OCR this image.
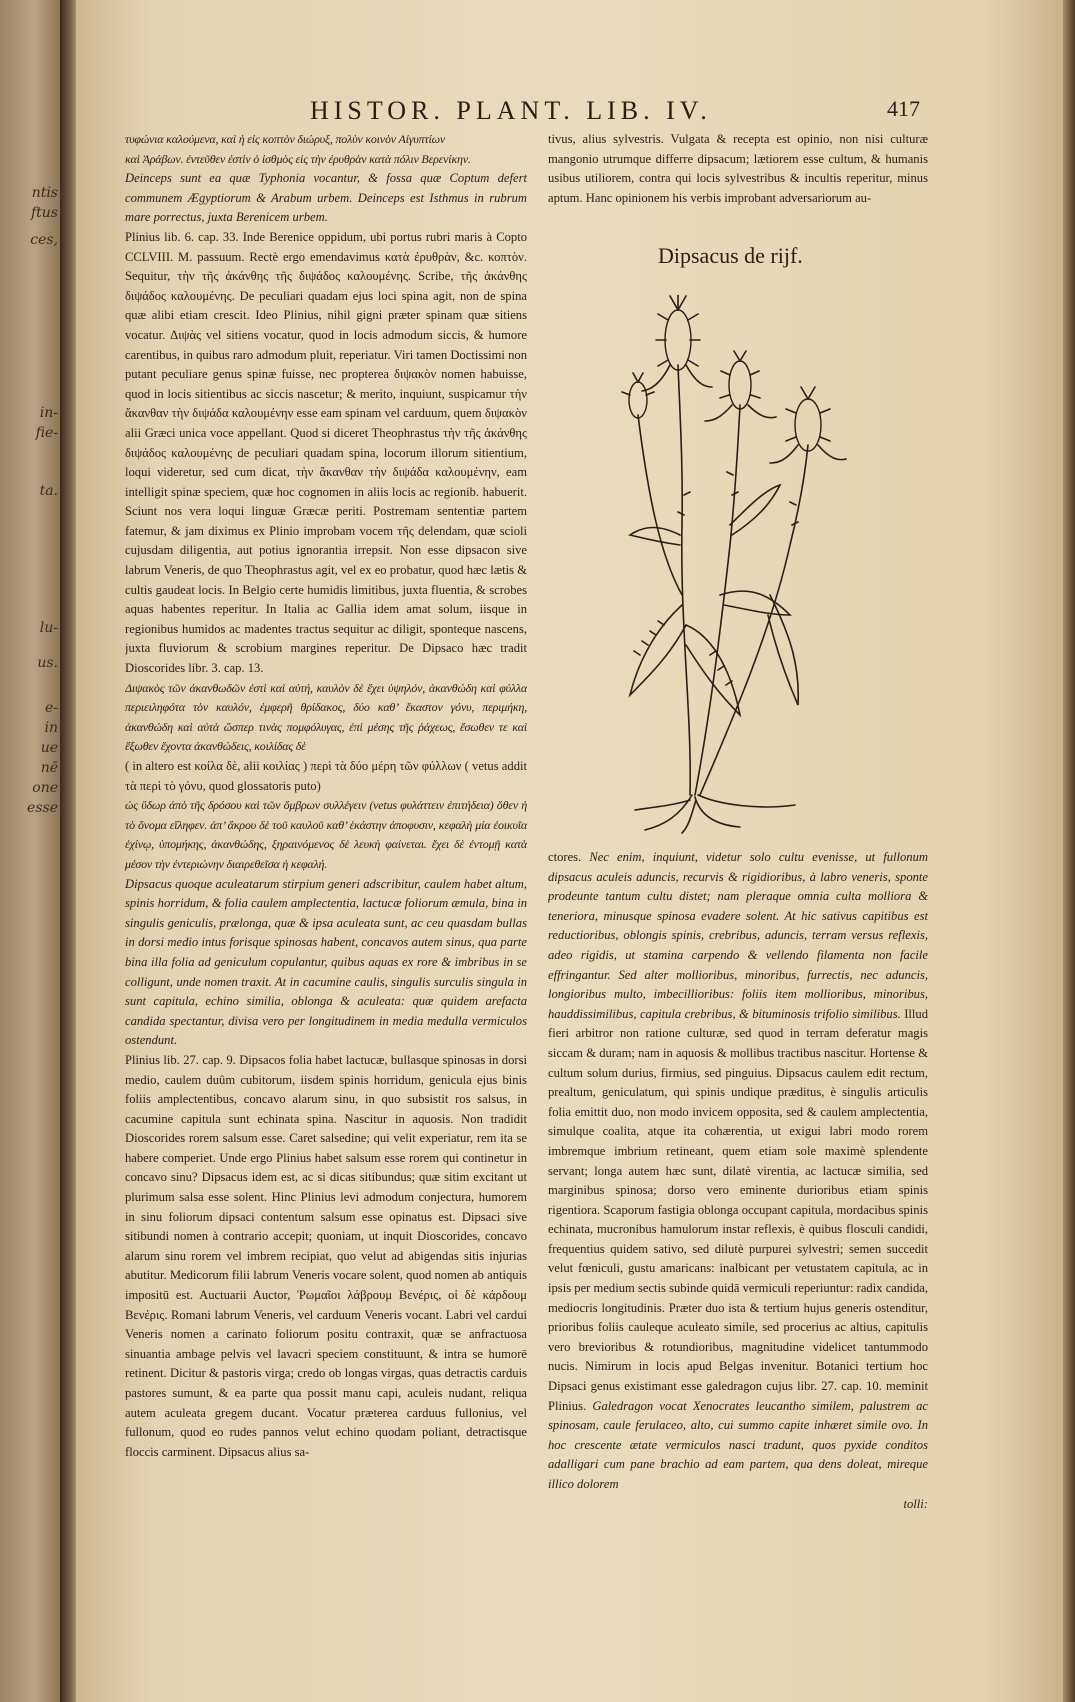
ntis
ftus
ces,
in-
fie-
ta.
lu-
us.
e-
in
ue
nē
one
esse
HISTOR. PLANT. LIB. IV.	417

τυφώνια καλούμενα, καὶ ἡ εἰς κοπτὸν διώρυξ, πολὺν κοινὸν Αἰγυπτίων

καὶ Ἀράβων. ἐντεῦθεν ἐστὶν ὁ ἰσθμὸς εἰς τὴν ἐρυθρὰν κατὰ πόλιν Βερενίκην.

Deinceps sunt ea quæ Typhonia vocantur, & fossa quæ Coptum defert communem Ægyptiorum & Arabum urbem. Deinceps est Isthmus in rubrum mare porrectus, juxta Berenicem urbem.

Plinius lib. 6. cap. 33. Inde Berenice oppidum, ubi portus rubri maris à Copto CCLVIII. M. passuum. Rectè ergo emendavimus κατὰ ἐρυθρὰν, &c. κοπτὸν. Sequitur, τὴν τῆς ἀκάνθης τῆς διψάδος καλουμένης. Scribe, τῆς ἀκάνθης διψάδος καλουμένης. De peculiari quadam ejus loci spina agit, non de spina quæ alibi etiam crescit. Ideo Plinius, nihil gigni præter spinam quæ sitiens vocatur. Διψὰς vel sitiens vocatur, quod in locis admodum siccis, & humore carentibus, in quibus raro admodum pluit, reperiatur. Viri tamen Doctissimi non putant peculiare genus spinæ fuisse, nec propterea διψακὸν nomen habuisse, quod in locis sitientibus ac siccis nascetur; & merito, inquiunt, suspicamur τὴν ἄκανθαν τὴν διψάδα καλουμένην esse eam spinam vel carduum, quem διψακὸν alii Græci unica voce appellant. Quod si diceret Theophrastus τὴν τῆς ἀκάνθης διψάδος καλουμένης de peculiari quadam spina, locorum illorum sitientium, loqui videretur, sed cum dicat, τὴν ἄκανθαν τὴν διψάδα καλουμένην, eam intelligit spinæ speciem, quæ hoc cognomen in aliis locis ac regionib. habuerit. Sciunt nos vera loqui linguæ Græcæ periti. Postremam sententiæ partem fatemur, & jam diximus ex Plinio improbam vocem τῆς delendam, quæ scioli cujusdam diligentia, aut potius ignorantia irrepsit. Non esse dipsacon sive labrum Veneris, de quo Theophrastus agit, vel ex eo probatur, quod hæc lætis & cultis gaudeat locis. In Belgio certe humidis limitibus, juxta fluentia, & scrobes aquas habentes reperitur. In Italia ac Gallia idem amat solum, iisque in regionibus humidos ac madentes tractus sequitur ac diligit, sponteque nascens, juxta fluviorum & scrobium margines reperitur. De Dipsaco hæc tradit Dioscorides libr. 3. cap. 13.

Διψακὸς τῶν ἀκανθωδῶν ἐστὶ καὶ αὐτή, καυλὸν δὲ ἔχει ὑψηλόν, ἀκανθώδη καὶ φύλλα περιειληφότα τὸν καυλόν, ἐμφερῆ θρίδακος, δύο καθ’ ἕκαστον γόνυ, περιμήκη, ἀκανθώδη καὶ αὐτὰ ὥσπερ τινὰς πομφόλυγας, ἐπὶ μέσης τῆς ῥάχεως, ἔσωθεν τε καὶ ἔξωθεν ἔχοντα ἀκανθώδεις, κοιλίδας δὲ

( in altero est κοίλα δὲ, alii κοιλίας ) περὶ τὰ δύο μέρη τῶν φύλλων ( vetus addit τὰ περὶ τὸ γόνυ, quod glossatoris puto)

ὡς ὕδωρ ἀπὸ τῆς δρόσου καὶ τῶν ὄμβρων συλλέγειν (vetus φυλάττειν ἐπιτήδεια) ὅθεν ἡ τὸ ὄνομα εἴληφεν. ἀπ’ ἄκρου δὲ τοῦ καυλοῦ καθ’ ἑκάστην ἀποφυσιν, κεφαλὴ μία ἐοικυῖα ἐχίνῳ, ὑπομήκης, ἀκανθώδης, ξηραινόμενος δὲ λευκὴ φαίνεται. ἔχει δὲ ἐντομῇ κατὰ μέσον τὴν ἐντεριώνην διαιρεθεῖσα ἡ κεφαλή.

Dipsacus quoque aculeatarum stirpium generi adscribitur, caulem habet altum, spinis horridum, & folia caulem amplectentia, lactucæ foliorum æmula, bina in singulis geniculis, prælonga, quæ & ipsa aculeata sunt, ac ceu quasdam bullas in dorsi medio intus forisque spinosas habent, concavos autem sinus, qua parte bina illa folia ad geniculum copulantur, quibus aquas ex rore & imbribus in se colligunt, unde nomen traxit. At in cacumine caulis, singulis surculis singula in sunt capitula, echino similia, oblonga & aculeata: quæ quidem arefacta candida spectantur, divisa vero per longitudinem in media medulla vermiculos ostendunt.

Plinius lib. 27. cap. 9. Dipsacos folia habet lactucæ, bullasque spinosas in dorsi medio, caulem duûm cubitorum, iisdem spinis horridum, genicula ejus binis foliis amplectentibus, concavo alarum sinu, in quo subsistit ros salsus, in cacumine capitula sunt echinata spina. Nascitur in aquosis. Non tradidit Dioscorides rorem salsum esse. Caret salsedine; qui velit experiatur, rem ita se habere comperiet. Unde ergo Plinius habet salsum esse rorem qui continetur in concavo sinu? Dipsacus idem est, ac si dicas sitibundus; quæ sitim excitant ut plurimum salsa esse solent. Hinc Plinius levi admodum conjectura, humorem in sinu foliorum dipsaci contentum salsum esse opinatus est. Dipsaci sive sitibundi nomen à contrario accepit; quoniam, ut inquit Dioscorides, concavo alarum sinu rorem vel imbrem recipiat, quo velut ad abigendas sitis injurias abutitur. Medicorum filii labrum Veneris vocare solent, quod nomen ab antiquis impositū est. Auctuarii Auctor, Ῥωμαῖοι λάβρουμ Βενέρις, οἱ δὲ κάρδουμ Βενέρις. Romani labrum Veneris, vel carduum Veneris vocant. Labri vel cardui Veneris nomen a carinato foliorum positu contraxit, quæ se anfractuosa sinuantia ambage pelvis vel lavacri speciem constituunt, & intra se humorē retinent. Dicitur & pastoris virga; credo ob longas virgas, quas detractis carduis pastores sumunt, & ea parte qua possit manu capi, aculeis nudant, reliqua autem aculeata gregem ducant. Vocatur præterea carduus fullonius, vel fullonum, quod eo rudes pannos velut echino quodam poliant, detractisque floccis carminent. Dipsacus alius sa-

tivus, alius sylvestris. Vulgata & recepta est opinio, non nisi culturæ mangonio utrumque differre dipsacum; lætiorem esse cultum, & humanis usibus utiliorem, contra qui locis sylvestribus & incultis reperitur, minus aptum. Hanc opinionem his verbis improbant adversariorum au-
Dipsacus de rijf.

ctores. Nec enim, inquiunt, videtur solo cultu evenisse, ut fullonum dipsacus aculeis aduncis, recurvis & rigidioribus, à labro veneris, sponte prodeunte tantum cultu distet; nam pleraque omnia culta molliora & teneriora, minusque spinosa evadere solent. At hic sativus capitibus est reductioribus, oblongis spinis, crebribus, aduncis, terram versus reflexis, adeo rigidis, ut stamina carpendo & vellendo filamenta non facile effringantur. Sed alter mollioribus, minoribus, furrectis, nec aduncis, longioribus multo, imbecillioribus: foliis item mollioribus, minoribus, hauddissimilibus, capitula crebribus, & bituminosis trifolio similibus. Illud fieri arbitror non ratione culturæ, sed quod in terram deferatur magis siccam & duram; nam in aquosis & mollibus tractibus nascitur. Hortense & cultum solum durius, firmius, sed pinguius. Dipsacus caulem edit rectum, prealtum, geniculatum, qui spinis undique præditus, è singulis articulis folia emittit duo, non modo invicem opposita, sed & caulem amplectentia, simulque coalita, atque ita cohærentia, ut exigui labri modo rorem imbremque imbrium retineant, quem etiam sole maximè splendente servant; longa autem hæc sunt, dilatè virentia, ac lactucæ similia, sed marginibus spinosa; dorso vero eminente durioribus etiam spinis rigentiora. Scaporum fastigia oblonga occupant capitula, mordacibus spinis echinata, mucronibus hamulorum instar reflexis, è quibus flosculi candidi, frequentius quidem sativo, sed dilutè purpurei sylvestri; semen succedit velut fœniculi, gustu amaricans: inalbicant per vetustatem capitula, ac in ipsis per medium sectis subinde quidā vermiculi reperiuntur: radix candida, mediocris longitudinis. Præter duo ista & tertium hujus generis ostenditur, prioribus foliis cauleque aculeato simile, sed procerius ac altius, capitulis vero brevioribus & rotundioribus, magnitudine videlicet tantummodo nucis. Nimirum in locis apud Belgas invenitur. Botanici tertium hoc Dipsaci genus existimant esse galedragon cujus libr. 27. cap. 10. meminit Plinius. Galedragon vocat Xenocrates leucantho similem, palustrem ac spinosam, caule ferulaceo, alto, cui summo capite inhæret simile ovo. In hoc crescente ætate vermiculos nasci tradunt, quos pyxide conditos adalligari cum pane brachio ad eam partem, qua dens doleat, mireque illico dolorem

tolli:
